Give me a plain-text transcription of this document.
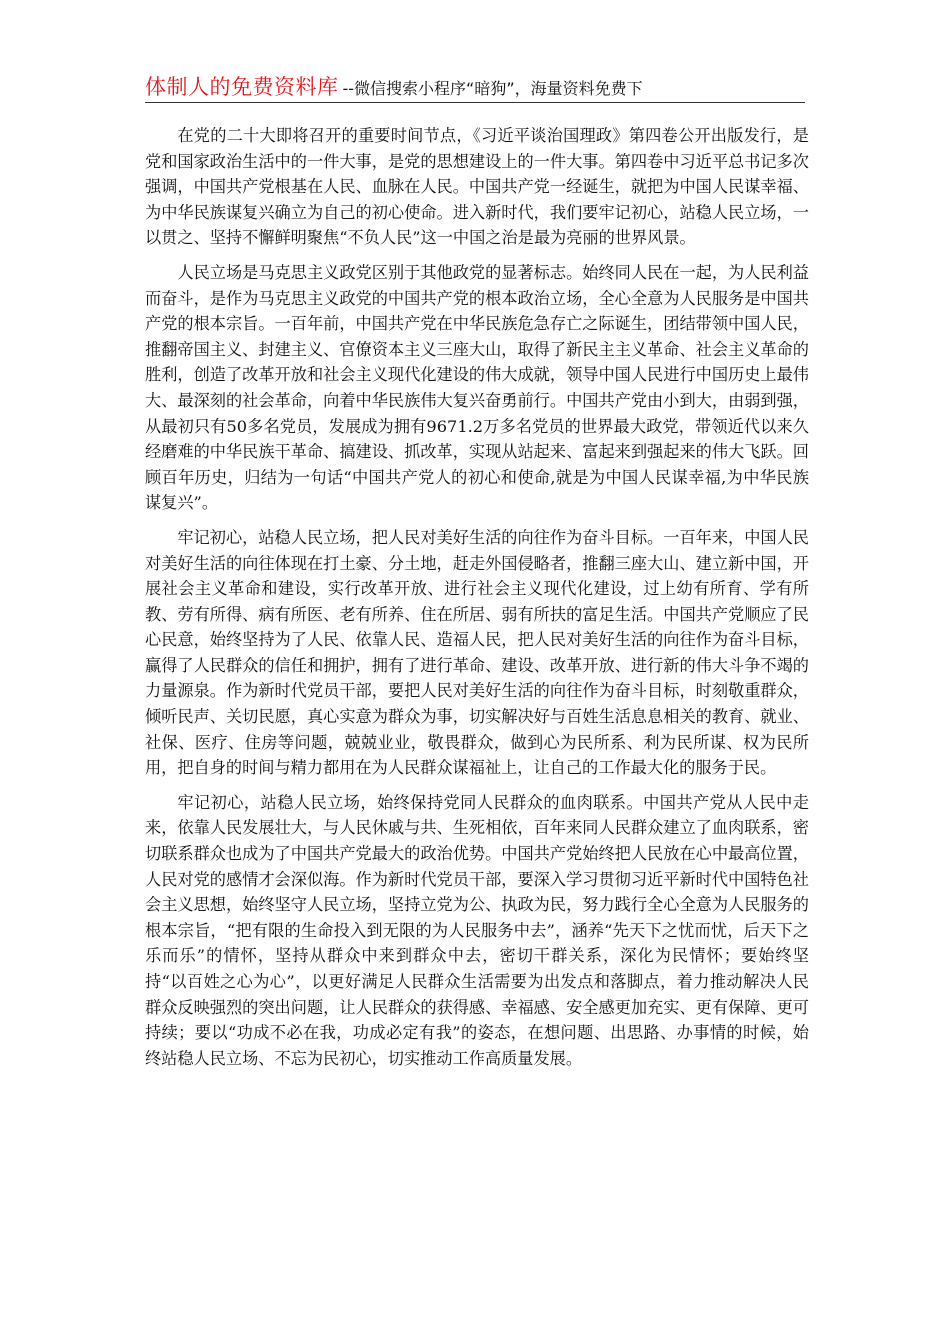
体制人的免费资料库 --微信搜索小程序“暗狗”，海量资料免费下

在党的二十大即将召开的重要时间节点，《习近平谈治国理政》第四卷公开出版发行，是党和国家政治生活中的一件大事，是党的思想建设上的一件大事。第四卷中习近平总书记多次强调，中国共产党根基在人民、血脉在人民。中国共产党一经诞生，就把为中国人民谋幸福、为中华民族谋复兴确立为自己的初心使命。进入新时代，我们要牢记初心，站稳人民立场，一以贯之、坚持不懈鲜明聚焦“不负人民”这一中国之治是最为亮丽的世界风景。

人民立场是马克思主义政党区别于其他政党的显著标志。始终同人民在一起，为人民利益而奋斗，是作为马克思主义政党的中国共产党的根本政治立场，全心全意为人民服务是中国共产党的根本宗旨。一百年前，中国共产党在中华民族危急存亡之际诞生，团结带领中国人民，推翻帝国主义、封建主义、官僚资本主义三座大山，取得了新民主主义革命、社会主义革命的胜利，创造了改革开放和社会主义现代化建设的伟大成就，领导中国人民进行中国历史上最伟大、最深刻的社会革命，向着中华民族伟大复兴奋勇前行。中国共产党由小到大，由弱到强，从最初只有50多名党员，发展成为拥有9671.2万多名党员的世界最大政党，带领近代以来久经磨难的中华民族干革命、搞建设、抓改革，实现从站起来、富起来到强起来的伟大飞跃。回顾百年历史，归结为一句话“中国共产党人的初心和使命,就是为中国人民谋幸福,为中华民族谋复兴”。

牢记初心，站稳人民立场，把人民对美好生活的向往作为奋斗目标。一百年来，中国人民对美好生活的向往体现在打土豪、分土地，赶走外国侵略者，推翻三座大山、建立新中国，开展社会主义革命和建设，实行改革开放、进行社会主义现代化建设，过上幼有所育、学有所教、劳有所得、病有所医、老有所养、住在所居、弱有所扶的富足生活。中国共产党顺应了民心民意，始终坚持为了人民、依靠人民、造福人民，把人民对美好生活的向往作为奋斗目标，赢得了人民群众的信任和拥护，拥有了进行革命、建设、改革开放、进行新的伟大斗争不竭的力量源泉。作为新时代党员干部，要把人民对美好生活的向往作为奋斗目标，时刻敬重群众，倾听民声、关切民愿，真心实意为群众为事，切实解决好与百姓生活息息相关的教育、就业、社保、医疗、住房等问题，兢兢业业，敬畏群众，做到心为民所系、利为民所谋、权为民所用，把自身的时间与精力都用在为人民群众谋福祉上，让自己的工作最大化的服务于民。

牢记初心，站稳人民立场，始终保持党同人民群众的血肉联系。中国共产党从人民中走来，依靠人民发展壮大，与人民休戚与共、生死相依，百年来同人民群众建立了血肉联系，密切联系群众也成为了中国共产党最大的政治优势。中国共产党始终把人民放在心中最高位置，人民对党的感情才会深似海。作为新时代党员干部，要深入学习贯彻习近平新时代中国特色社会主义思想，始终坚守人民立场，坚持立党为公、执政为民，努力践行全心全意为人民服务的根本宗旨，“把有限的生命投入到无限的为人民服务中去”，涵养“先天下之忧而忧，后天下之乐而乐”的情怀，坚持从群众中来到群众中去，密切干群关系，深化为民情怀；要始终坚持“以百姓之心为心”，以更好满足人民群众生活需要为出发点和落脚点，着力推动解决人民群众反映强烈的突出问题，让人民群众的获得感、幸福感、安全感更加充实、更有保障、更可持续；要以“功成不必在我，功成必定有我”的姿态，在想问题、出思路、办事情的时候，始终站稳人民立场、不忘为民初心，切实推动工作高质量发展。
